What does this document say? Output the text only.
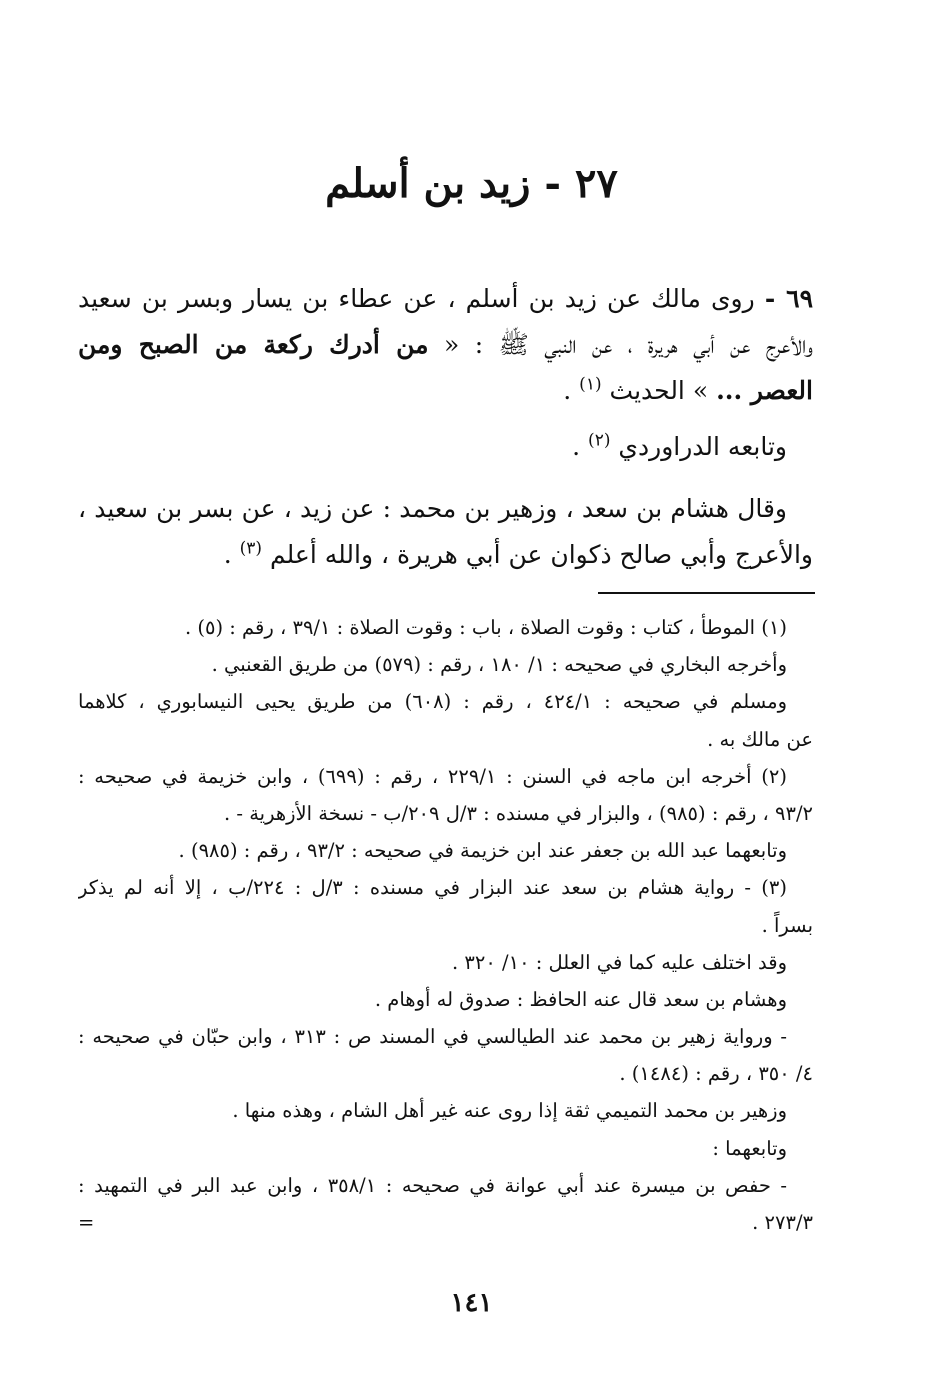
٢٧ - زيد بن أسلم
٦٩ - روى مالك عن زيد بن أسلم ، عن عطاء بن يسار وبسر بن سعيد
والأعرج عن أبي هريرة ، عن النبي ﷺ : « من أدرك ركعة من الصبح ومن
العصر ... » الحديث $^{(١)}$ .
وتابعه الدراوردي $^{(٢)}$ .
وقال هشام بن سعد ، وزهير بن محمد : عن زيد ، عن بسر بن سعيد ،
والأعرج وأبي صالح ذكوان عن أبي هريرة ، والله أعلم $^{(٣)}$ .
(١) الموطأ ، كتاب : وقوت الصلاة ، باب : وقوت الصلاة : ٣٩/١ ، رقم : (٥) .
وأخرجه البخاري في صحيحه : ١/ ١٨٠ ، رقم : (٥٧٩) من طريق القعنبي .
ومسلم في صحيحه : ٤٢٤/١ ، رقم : (٦٠٨) من طريق يحيى النيسابوري ، كلاهما
عن مالك به .
(٢) أخرجه ابن ماجه في السنن : ٢٢٩/١ ، رقم : (٦٩٩) ، وابن خزيمة في صحيحه :
٩٣/٢ ، رقم : (٩٨٥) ، والبزار في مسنده : ٣/ل ٢٠٩/ب - نسخة الأزهرية - .
وتابعهما عبد الله بن جعفر عند ابن خزيمة في صحيحه : ٩٣/٢ ، رقم : (٩٨٥) .
(٣) - رواية هشام بن سعد عند البزار في مسنده : ٣/ل : ٢٢٤/ب ، إلا أنه لم يذكر
بسراً .
وقد اختلف عليه كما في العلل : ١٠/ ٣٢٠ .
وهشام بن سعد قال عنه الحافظ : صدوق له أوهام .
- ورواية زهير بن محمد عند الطيالسي في المسند ص : ٣١٣ ، وابن حبّان في صحيحه :
٤/ ٣٥٠ ، رقم : (١٤٨٤) .
وزهير بن محمد التميمي ثقة إذا روى عنه غير أهل الشام ، وهذه منها .
وتابعهما :
- حفص بن ميسرة عند أبي عوانة في صحيحه : ٣٥٨/١ ، وابن عبد البر في التمهيد :
٢٧٣/٣ .
=
١٤١
